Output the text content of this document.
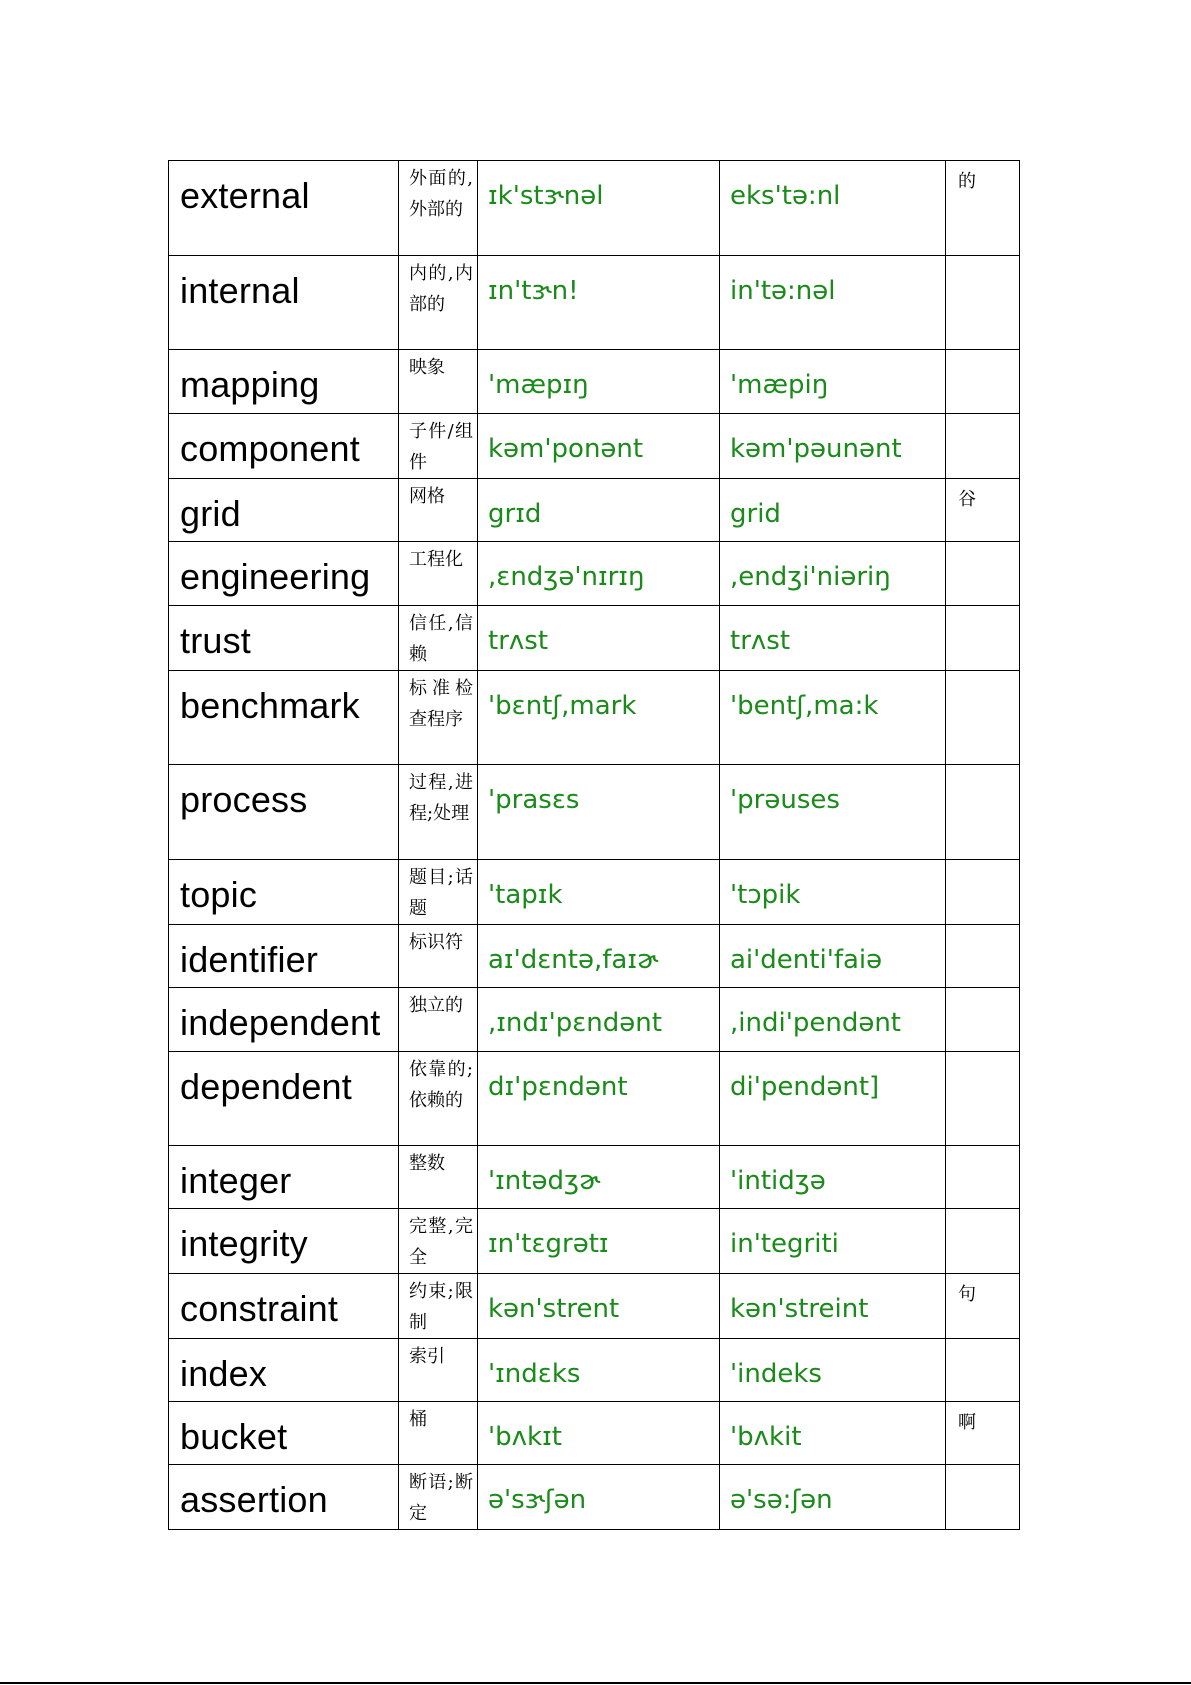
external	外面的,外部的	ɪk'stɝnəl	eks'tə:nl	的
internal	内的,内部的	ɪn'tɝn!	in'tə:nəl	
mapping	映象	'mæpɪŋ	'mæpiŋ	
component	子件/组件	kəm'ponənt	kəm'pəunənt	
grid	网格	grɪd	grid	谷
engineering	工程化	,ɛndʒə'nɪrɪŋ	,endʒi'niəriŋ	
trust	信任,信赖	trʌst	trʌst	
benchmark	标准检查程序	'bɛntʃ,mark	'bentʃ,ma:k	
process	过程,进程;处理	'prasɛs	'prəuses	
topic	题目;话题	'tapɪk	'tɔpik	
identifier	标识符	aɪ'dɛntə,faɪɚ	ai'denti'faiə	
independent	独立的	,ɪndɪ'pɛndənt	,indi'pendənt	
dependent	依靠的;依赖的	dɪ'pɛndənt	di'pendənt]	
integer	整数	'ɪntədʒɚ	'intidʒə	
integrity	完整,完全	ɪn'tɛgrətɪ	in'tegriti	
constraint	约束;限制	kən'strent	kən'streint	句
index	索引	'ɪndɛks	'indeks	
bucket	桶	'bʌkɪt	'bʌkit	啊
assertion	断语;断定	ə'sɝʃən	ə'sə:ʃən	
